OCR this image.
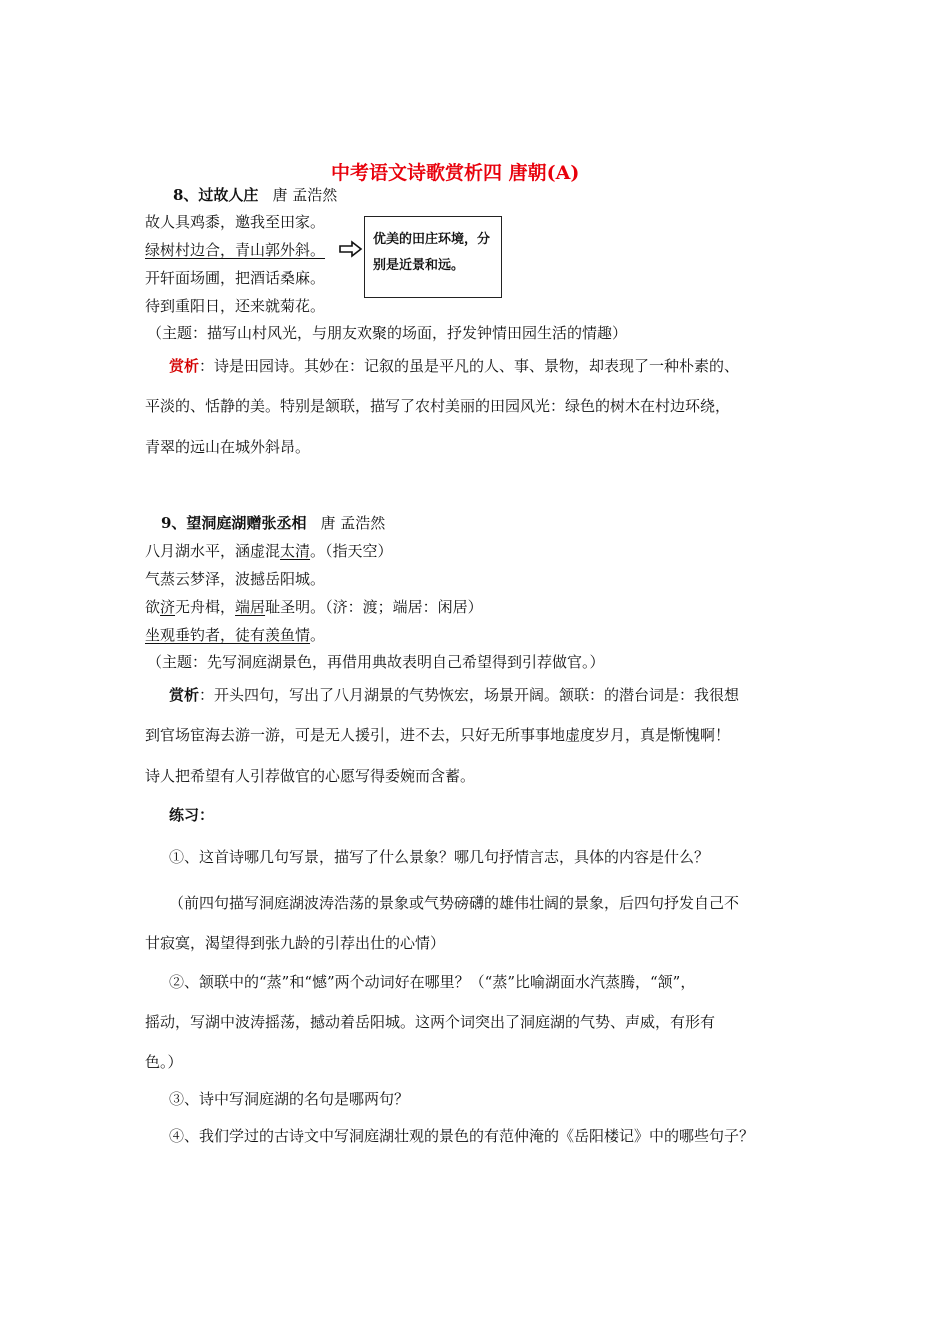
中考语文诗歌赏析四 唐朝(A)
8、过故人庄 唐 孟浩然
故人具鸡黍，邀我至田家。
绿树村边合，青山郭外斜。
开轩面场圃，把酒话桑麻。
待到重阳日，还来就菊花。
优美的田庄环境，分别是近景和远。
（主题：描写山村风光，与朋友欢聚的场面，抒发钟情田园生活的情趣）
赏析：诗是田园诗。其妙在：记叙的虽是平凡的人、事、景物，却表现了一种朴素的、
平淡的、恬静的美。特别是颔联，描写了农村美丽的田园风光：绿色的树木在村边环绕，
青翠的远山在城外斜昂。
9、望洞庭湖赠张丞相 唐 孟浩然
八月湖水平，涵虚混太清。（指天空）
气蒸云梦泽，波撼岳阳城。
欲济无舟楫，端居耻圣明。（济：渡；端居：闲居）
坐观垂钓者，徒有羡鱼情。
（主题：先写洞庭湖景色，再借用典故表明自己希望得到引荐做官。）
赏析：开头四句，写出了八月湖景的气势恢宏，场景开阔。颔联：的潜台词是：我很想
到官场宦海去游一游，可是无人援引，进不去，只好无所事事地虚度岁月，真是惭愧啊！
诗人把希望有人引荐做官的心愿写得委婉而含蓄。
练习：
①、这首诗哪几句写景，描写了什么景象？哪几句抒情言志，具体的内容是什么？
（前四句描写洞庭湖波涛浩荡的景象或气势磅礴的雄伟壮阔的景象，后四句抒发自己不
甘寂寞，渴望得到张九龄的引荐出仕的心情）
②、颔联中的“蒸”和“憾”两个动词好在哪里？（“蒸”比喻湖面水汽蒸腾，“颔”，
摇动，写湖中波涛摇荡，撼动着岳阳城。这两个词突出了洞庭湖的气势、声威，有形有
色。）
③、诗中写洞庭湖的名句是哪两句？
④、我们学过的古诗文中写洞庭湖壮观的景色的有范仲淹的《岳阳楼记》中的哪些句子？
